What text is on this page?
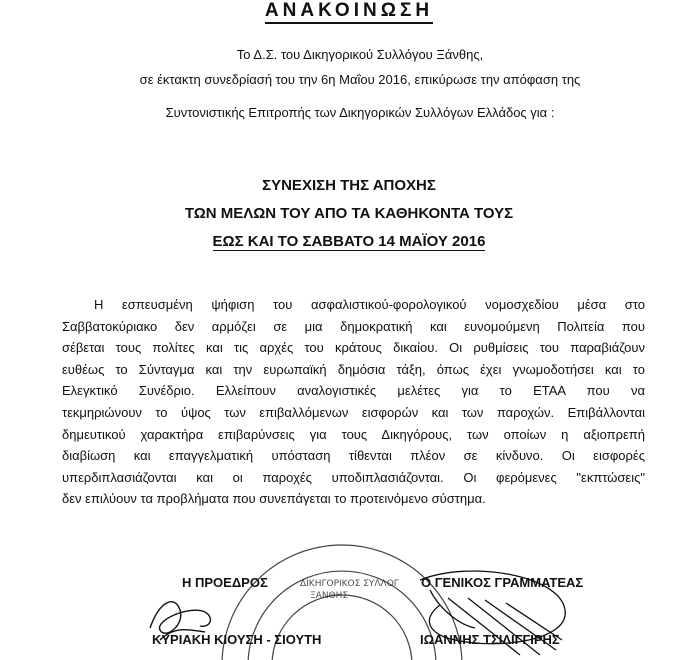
ΑΝΑΚΟΙΝΩΣΗ
Το Δ.Σ. του Δικηγορικού Συλλόγου Ξάνθης,
σε έκτακτη συνεδρίασή του την 6η Μαΐου 2016, επικύρωσε την απόφαση της
Συντονιστικής Επιτροπής των Δικηγορικών Συλλόγων Ελλάδος για :
ΣΥΝΕΧΙΣΗ ΤΗΣ ΑΠΟΧΗΣ
ΤΩΝ ΜΕΛΩΝ ΤΟΥ ΑΠΟ ΤΑ ΚΑΘΗΚΟΝΤΑ ΤΟΥΣ
ΕΩΣ ΚΑΙ ΤΟ ΣΑΒΒΑΤΟ 14 ΜΑΪΟΥ 2016
Η εσπευσμένη ψήφιση του ασφαλιστικού-φορολογικού νομοσχεδίου μέσα στο
Σαββατοκύριακο δεν αρμόζει σε μια δημοκρατική και ευνομούμενη Πολιτεία που
σέβεται τους πολίτες και τις αρχές του κράτους δικαίου. Οι ρυθμίσεις του παραβιάζουν
ευθέως το Σύνταγμα και την ευρωπαϊκή δημόσια τάξη, όπως έχει γνωμοδοτήσει και το
Ελεγκτικό Συνέδριο. Ελλείπουν αναλογιστικές μελέτες για το ΕΤΑΑ που να
τεκμηριώνουν το ύψος των επιβαλλόμενων εισφορών και των παροχών. Επιβάλλονται
δημευτικού χαρακτήρα επιβαρύνσεις για τους Δικηγόρους, των οποίων η αξιοπρεπή
διαβίωση και επαγγελματική υπόσταση τίθενται πλέον σε κίνδυνο. Οι εισφορές
υπερδιπλασιάζονται και οι παροχές υποδιπλασιάζονται. Οι φερόμενες "εκπτώσεις"
δεν επιλύουν τα προβλήματα που συνεπάγεται το προτεινόμενο σύστημα.
ΔΙΚΗΓΟΡΙΚΟΣ ΣΥΛΛΟΓ
ΞΑΝΘΗΣ
Η ΠΡΟΕΔΡΟΣ	Ο ΓΕΝΙΚΟΣ ΓΡΑΜΜΑΤΕΑΣ
ΚΥΡΙΑΚΗ ΚΙΟΥΣΗ - ΣΙΟΥΤΗ	ΙΩΑΝΝΗΣ ΤΣΙΛΙΓΓΙΡΗΣ
